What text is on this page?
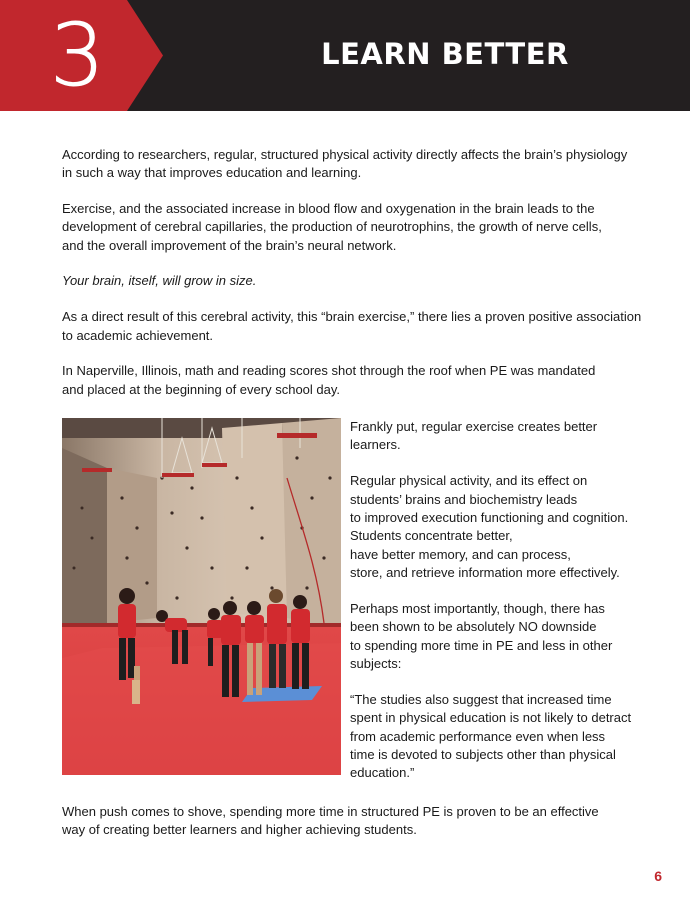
3	LEARN BETTER

According to researchers, regular, structured physical activity directly affects the brain’s physiology
in such a way that improves education and learning.

Exercise, and the associated increase in blood flow and oxygenation in the brain leads to the
development of cerebral capillaries, the production of neurotrophins, the growth of nerve cells,
and the overall improvement of the brain’s neural network.

Your brain, itself, will grow in size.

As a direct result of this cerebral activity, this “brain exercise,” there lies a proven positive association
to academic achievement.

In Naperville, Illinois, math and reading scores shot through the roof when PE was mandated
and placed at the beginning of every school day.

Frankly put, regular exercise creates better
learners.

Regular physical activity, and its effect on
students’ brains and biochemistry leads
to improved execution functioning and cognition.
Students concentrate better,
have better memory, and can process,
store, and retrieve information more effectively.

Perhaps most importantly, though, there has
been shown to be absolutely NO downside
to spending more time in PE and less in other
subjects:

“The studies also suggest that increased time
spent in physical education is not likely to detract
from academic performance even when less
time is devoted to subjects other than physical
education.”

When push comes to shove, spending more time in structured PE is proven to be an effective
way of creating better learners and higher achieving students.
6
